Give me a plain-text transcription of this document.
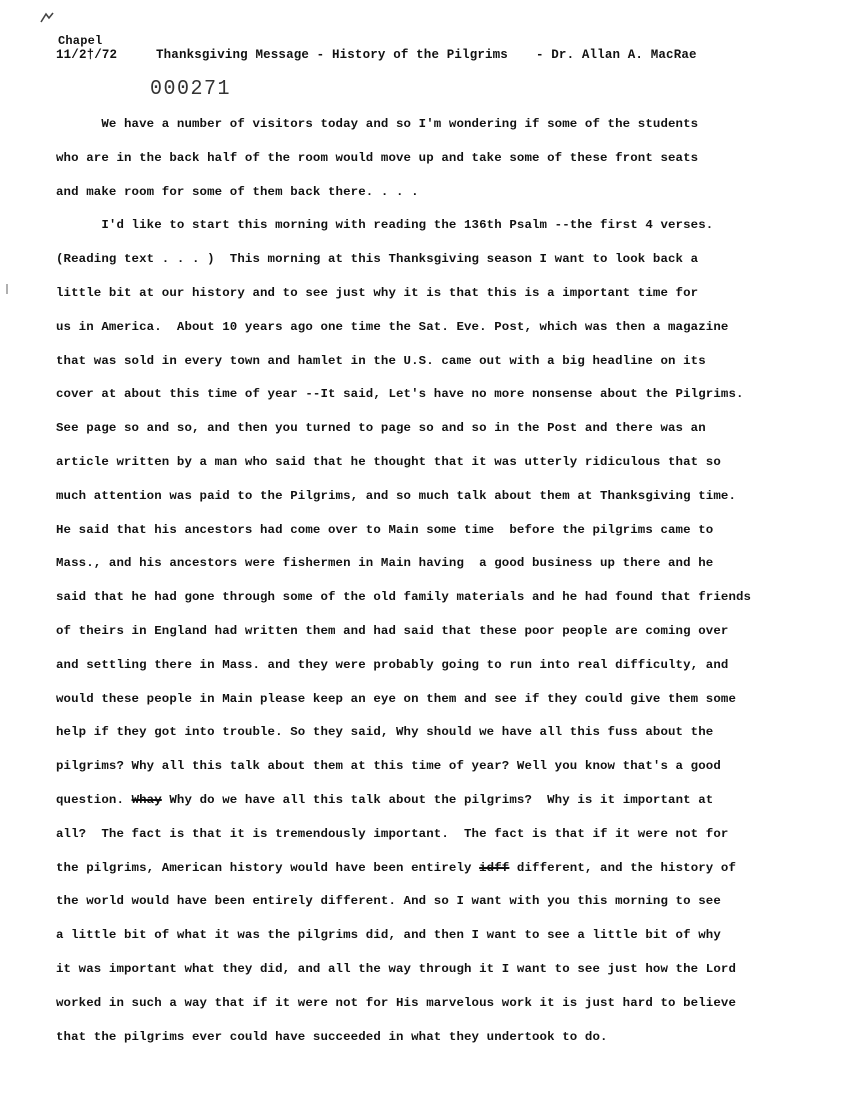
Chapel
11/2†/72	Thanksgiving Message - History of the Pilgrims - Dr. Allan A. MacRae
000271
We have a number of visitors today and so I'm wondering if some of the students
who are in the back half of the room would move up and take some of these front seats
and make room for some of them back there. . . .
I'd like to start this morning with reading the 136th Psalm --the first 4 verses.
(Reading text . . . )  This morning at this Thanksgiving season I want to look back a
little bit at our history and to see just why it is that this is a important time for
us in America.  About 10 years ago one time the Sat. Eve. Post, which was then a magazine
that was sold in every town and hamlet in the U.S. came out with a big headline on its
cover at about this time of year --It said, Let's have no more nonsense about the Pilgrims.
See page so and so, and then you turned to page so and so in the Post and there was an
article written by a man who said that he thought that it was utterly ridiculous that so
much attention was paid to the Pilgrims, and so much talk about them at Thanksgiving time.
He said that his ancestors had come over to Main some time  before the pilgrims came to
Mass., and his ancestors were fishermen in Main having  a good business up there and he
said that he had gone through some of the old family materials and he had found that friends
of theirs in England had written them and had said that these poor people are coming over
and settling there in Mass. and they were probably going to run into real difficulty, and
would these people in Main please keep an eye on them and see if they could give them some
help if they got into trouble. So they said, Why should we have all this fuss about the
pilgrims? Why all this talk about them at this time of year? Well you know that's a good
question. Whay Why do we have all this talk about the pilgrims?  Why is it important at
all?  The fact is that it is tremendously important.  The fact is that if it were not for
the pilgrims, American history would have been entirely idff different, and the history of
the world would have been entirely different. And so I want with you this morning to see
a little bit of what it was the pilgrims did, and then I want to see a little bit of why
it was important what they did, and all the way through it I want to see just how the Lord
worked in such a way that if it were not for His marvelous work it is just hard to believe
that the pilgrims ever could have succeeded in what they undertook to do.
